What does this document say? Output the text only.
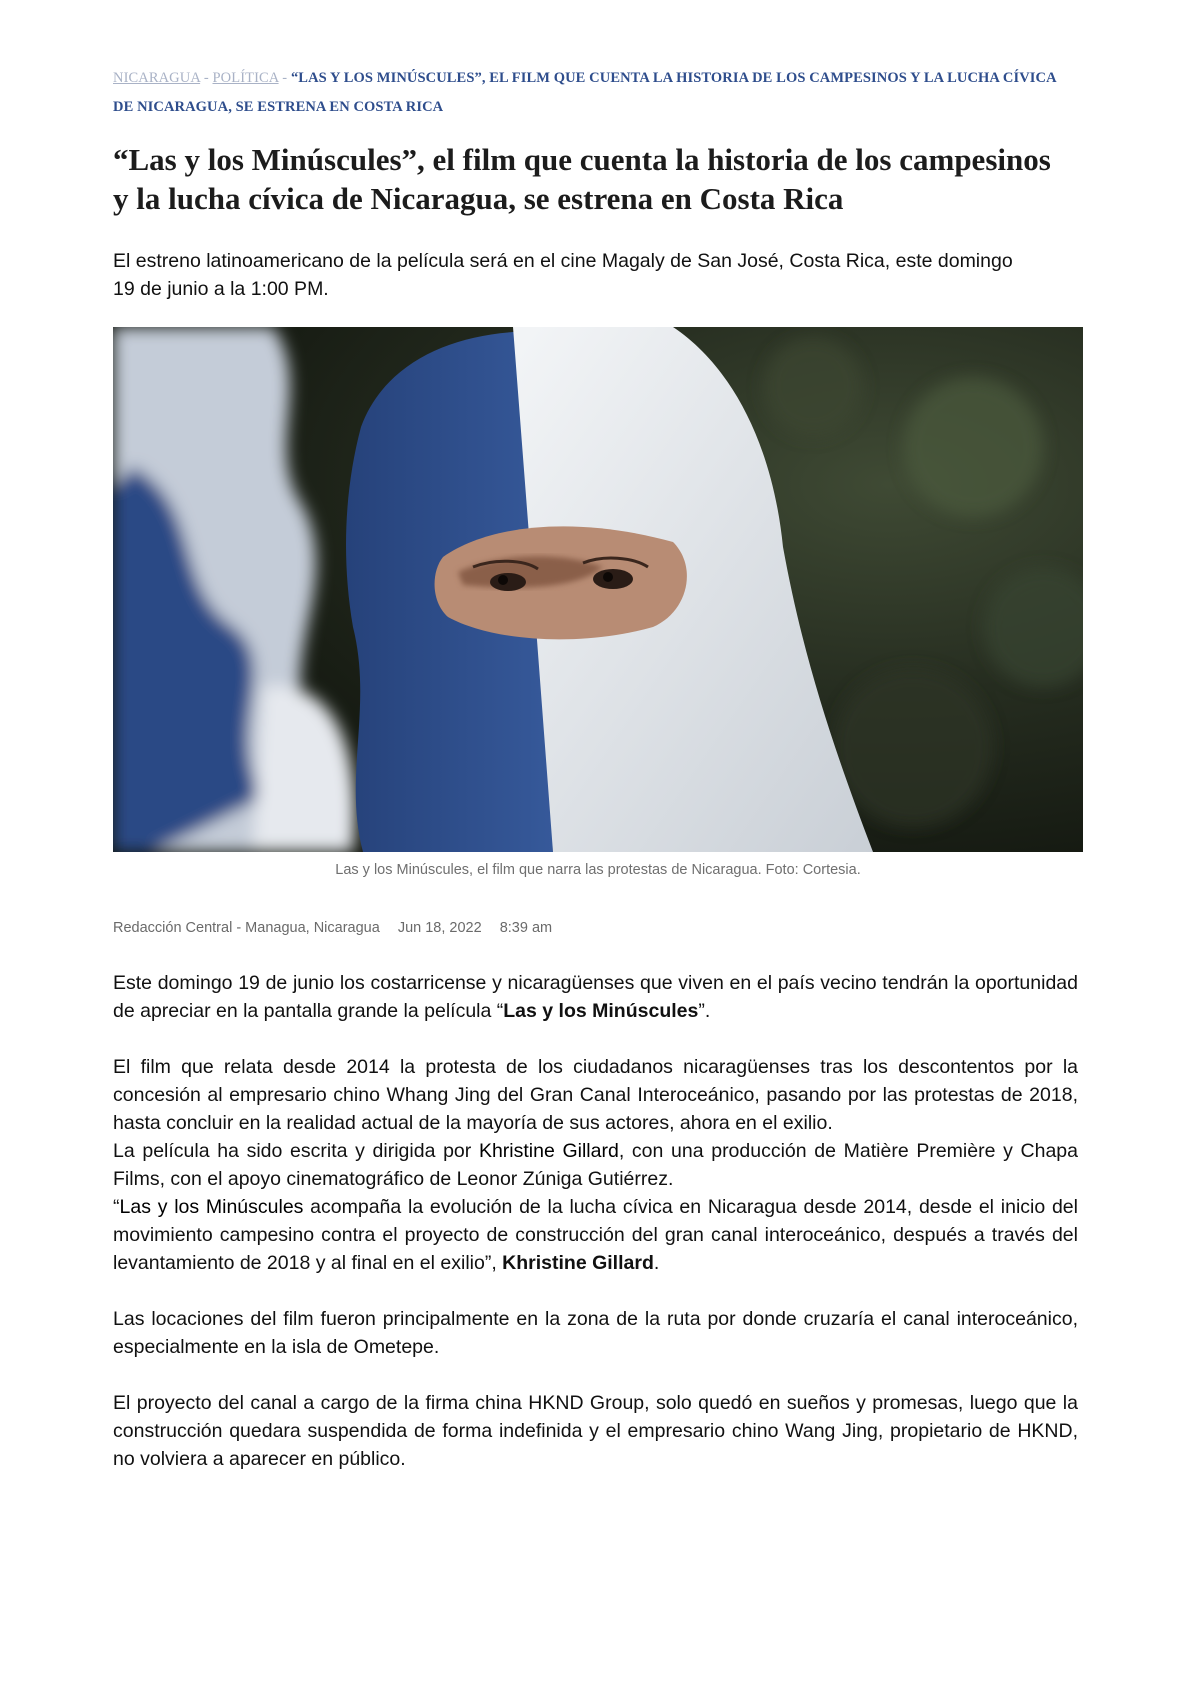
NICARAGUA - POLÍTICA - “LAS Y LOS MINÚSCULES”, EL FILM QUE CUENTA LA HISTORIA DE LOS CAMPESINOS Y LA LUCHA CÍVICA DE NICARAGUA, SE ESTRENA EN COSTA RICA
“Las y los Minúscules”, el film que cuenta la historia de los campesinos y la lucha cívica de Nicaragua, se estrena en Costa Rica

El estreno latinoamericano de la película será en el cine Magaly de San José, Costa Rica, este domingo 19 de junio a la 1:00 PM.

Las y los Minúscules, el film que narra las protestas de Nicaragua. Foto: Cortesia.
Redacción Central - Managua, Nicaragua Jun 18, 2022 8:39 am

Este domingo 19 de junio los costarricense y nicaragüenses que viven en el país vecino tendrán la oportunidad de apreciar en la pantalla grande la película “Las y los Minúscules”.

El film que relata desde 2014 la protesta de los ciudadanos nicaragüenses tras los descontentos por la concesión al empresario chino Whang Jing del Gran Canal Interoceánico, pasando por las protestas de 2018, hasta concluir en la realidad actual de la mayoría de sus actores, ahora en el exilio.

La película ha sido escrita y dirigida por Khristine Gillard, con una producción de Matière Première y Chapa Films, con el apoyo cinematográfico de Leonor Zúniga Gutiérrez.

“Las y los Minúscules acompaña la evolución de la lucha cívica en Nicaragua desde 2014, desde el inicio del movimiento campesino contra el proyecto de construcción del gran canal interoceánico, después a través del levantamiento de 2018 y al final en el exilio”, Khristine Gillard.

Las locaciones del film fueron principalmente en la zona de la ruta por donde cruzaría el canal interoceánico, especialmente en la isla de Ometepe.

El proyecto del canal a cargo de la firma china HKND Group, solo quedó en sueños y promesas, luego que la construcción quedara suspendida de forma indefinida y el empresario chino Wang Jing, propietario de HKND, no volviera a aparecer en público.
